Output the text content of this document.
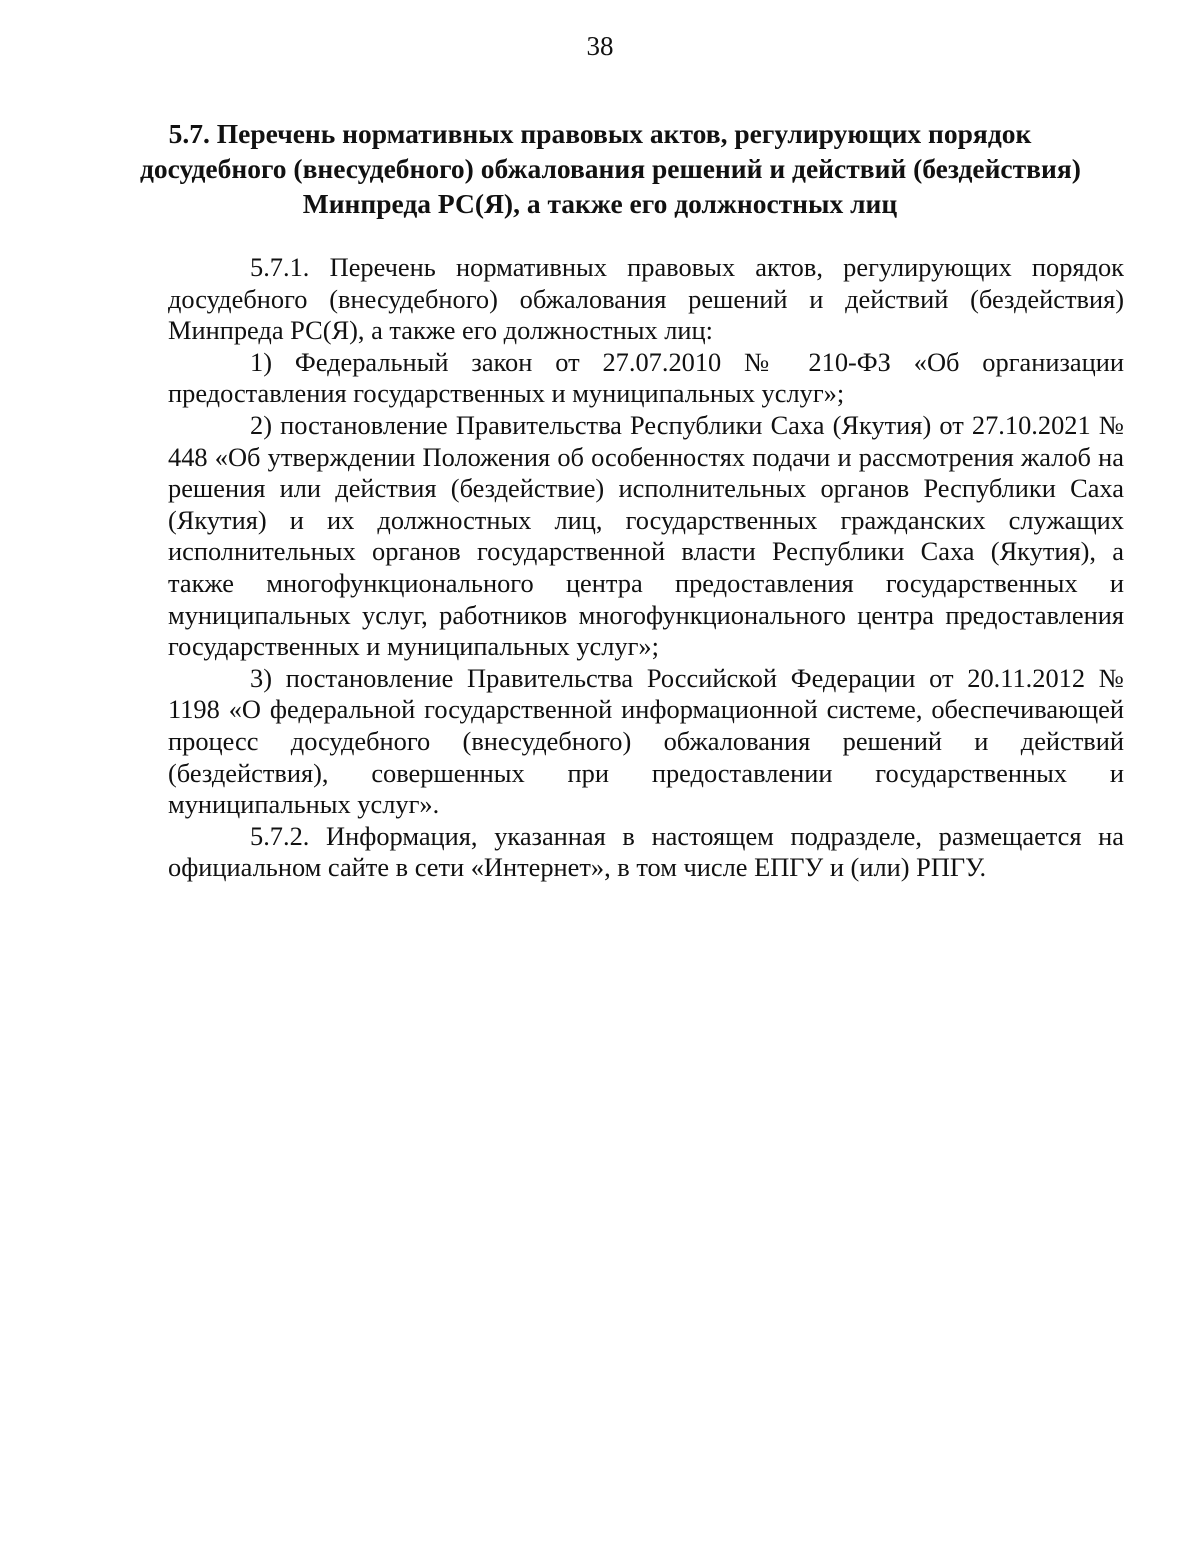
38
5.7. Перечень нормативных правовых актов, регулирующих порядок
досудебного (внесудебного) обжалования решений и действий (бездействия)
Минпреда РС(Я), а также его должностных лиц

5.7.1. Перечень нормативных правовых актов, регулирующих порядок досудебного (внесудебного) обжалования решений и действий (бездействия) Минпреда РС(Я), а также его должностных лиц:

1) Федеральный закон от 27.07.2010 № 210-ФЗ «Об организации предоставления государственных и муниципальных услуг»;

2) постановление Правительства Республики Саха (Якутия) от 27.10.2021 № 448 «Об утверждении Положения об особенностях подачи и рассмотрения жалоб на решения или действия (бездействие) исполнительных органов Республики Саха (Якутия) и их должностных лиц, государственных гражданских служащих исполнительных органов государственной власти Республики Саха (Якутия), а также многофункционального центра предоставления государственных и муниципальных услуг, работников многофункционального центра предоставления государственных и муниципальных услуг»;

3) постановление Правительства Российской Федерации от 20.11.2012 № 1198 «О федеральной государственной информационной системе, обеспечивающей процесс досудебного (внесудебного) обжалования решений и действий (бездействия), совершенных при предоставлении государственных и муниципальных услуг».

5.7.2. Информация, указанная в настоящем подразделе, размещается на официальном сайте в сети «Интернет», в том числе ЕПГУ и (или) РПГУ.
